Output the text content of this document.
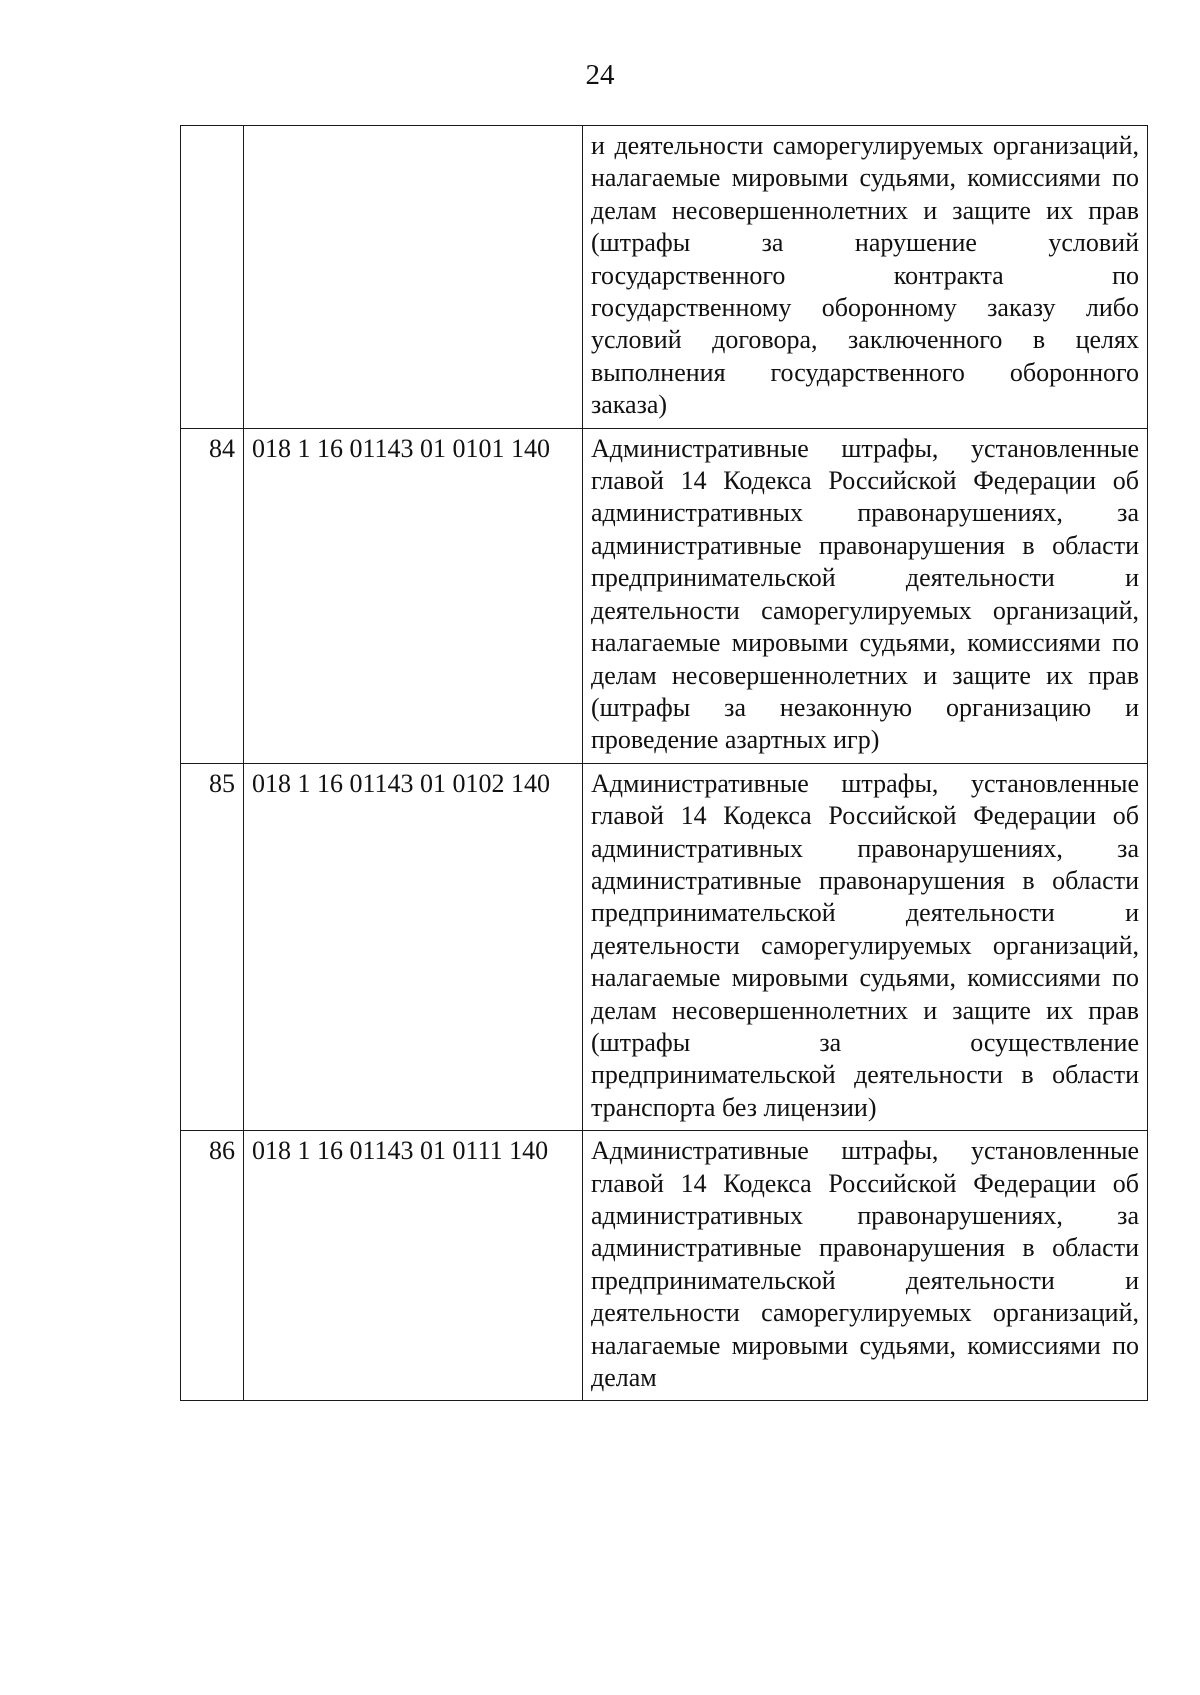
24
		и деятельности саморегулируемых организаций, налагаемые мировыми судьями, комиссиями по делам несовершеннолетних и защите их прав (штрафы за нарушение условий государственного контракта по государственному оборонному заказу либо условий договора, заключенного в целях выполнения государственного оборонного заказа)
84	018 1 16 01143 01 0101 140	Административные штрафы, установленные главой 14 Кодекса Российской Федерации об административных правонарушениях, за административные правонарушения в области предпринимательской деятельности и деятельности саморегулируемых организаций, налагаемые мировыми судьями, комиссиями по делам несовершеннолетних и защите их прав (штрафы за незаконную организацию и проведение азартных игр)
85	018 1 16 01143 01 0102 140	Административные штрафы, установленные главой 14 Кодекса Российской Федерации об административных правонарушениях, за административные правонарушения в области предпринимательской деятельности и деятельности саморегулируемых организаций, налагаемые мировыми судьями, комиссиями по делам несовершеннолетних и защите их прав (штрафы за осуществление предпринимательской деятельности в области транспорта без лицензии)
86	018 1 16 01143 01 0111 140	Административные штрафы, установленные главой 14 Кодекса Российской Федерации об административных правонарушениях, за административные правонарушения в области предпринимательской деятельности и деятельности саморегулируемых организаций, налагаемые мировыми судьями, комиссиями по делам
